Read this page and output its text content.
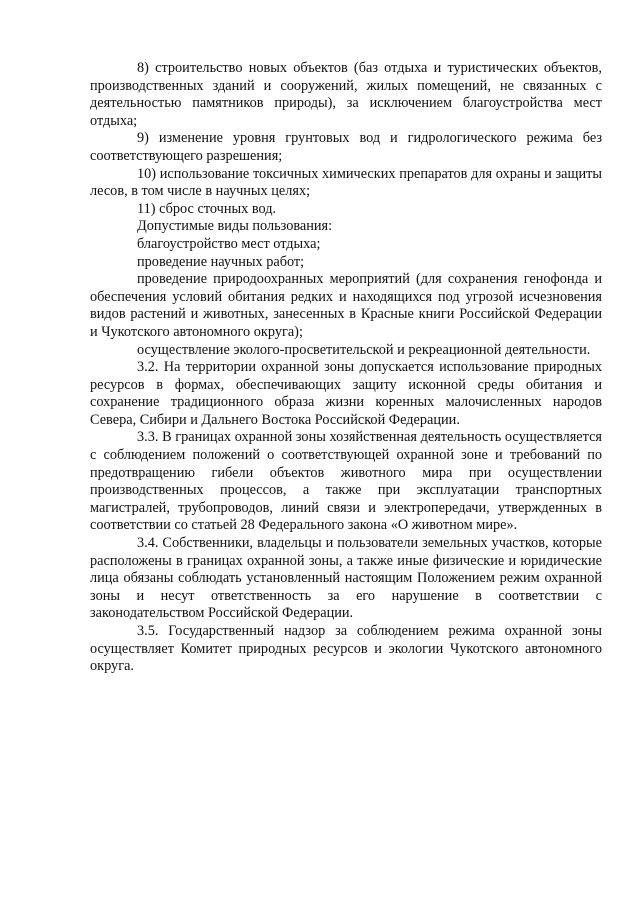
8) строительство новых объектов (баз отдыха и туристических объектов, производственных зданий и сооружений, жилых помещений, не связанных с деятельностью памятников природы), за исключением благоустройства мест отдыха;

9) изменение уровня грунтовых вод и гидрологического режима без соответствующего разрешения;

10) использование токсичных химических препаратов для охраны и защиты лесов, в том числе в научных целях;

11) сброс сточных вод.

Допустимые виды пользования:

благоустройство мест отдыха;

проведение научных работ;

проведение природоохранных мероприятий (для сохранения генофонда и обеспечения условий обитания редких и находящихся под угрозой исчезновения видов растений и животных, занесенных в Красные книги Российской Федерации и Чукотского автономного округа);

осуществление эколого-просветительской и рекреационной деятельности.

3.2. На территории охранной зоны допускается использование природных ресурсов в формах, обеспечивающих защиту исконной среды обитания и сохранение традиционного образа жизни коренных малочисленных народов Севера, Сибири и Дальнего Востока Российской Федерации.

3.3. В границах охранной зоны хозяйственная деятельность осуществляется с соблюдением положений о соответствующей охранной зоне и требований по предотвращению гибели объектов животного мира при осуществлении производственных процессов, а также при эксплуатации транспортных магистралей, трубопроводов, линий связи и электропередачи, утвержденных в соответствии со статьей 28 Федерального закона «О животном мире».

3.4. Собственники, владельцы и пользователи земельных участков, которые расположены в границах охранной зоны, а также иные физические и юридические лица обязаны соблюдать установленный настоящим Положением режим охранной зоны и несут ответственность за его нарушение в соответствии с законодательством Российской Федерации.

3.5. Государственный надзор за соблюдением режима охранной зоны осуществляет Комитет природных ресурсов и экологии Чукотского автономного округа.
